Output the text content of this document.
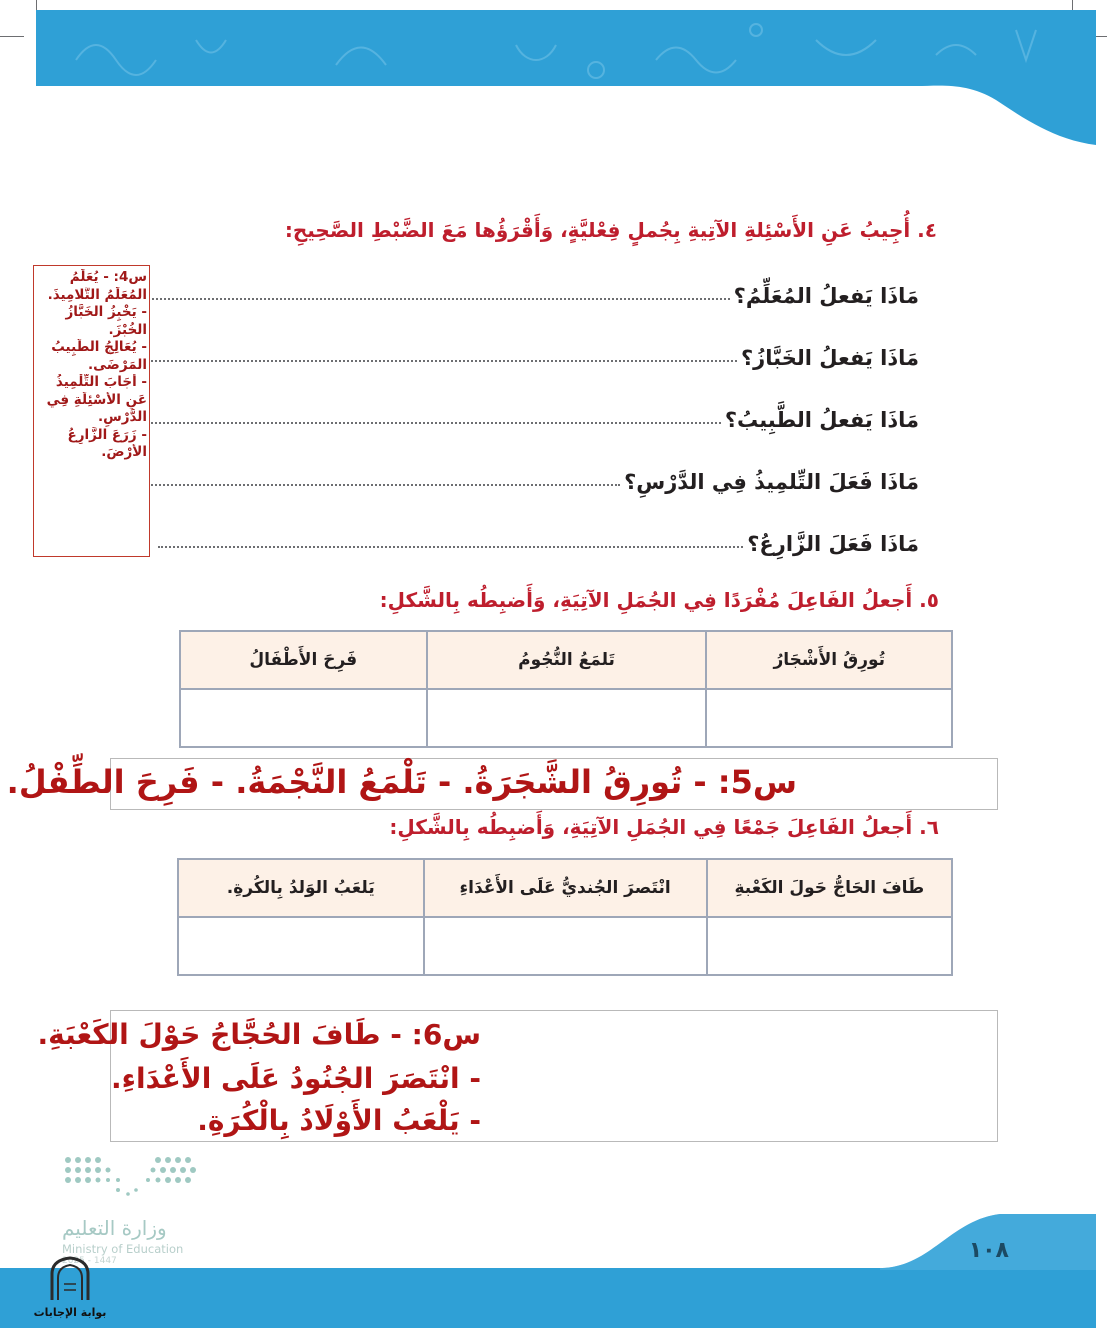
٤. أُجِيبُ عَنِ الأَسْئِلةِ الآتِيةِ بِجُملٍ فِعْليَّةٍ، وَأَقْرَؤُها مَعَ الضَّبْطِ الصَّحِيحِ:
مَاذَا يَفعلُ المُعَلِّمُ؟
مَاذَا يَفعلُ الخَبَّازُ؟
مَاذَا يَفعلُ الطَّبِيبُ؟
مَاذَا فَعَلَ التِّلمِيذُ فِي الدَّرْسِ؟
مَاذَا فَعَلَ الزَّارِعُ؟
س4: - يُعَلِّمُ
المُعَلِّمُ التَّلامِيذَ.
- يَخْبِزُ الخَبَّازُ
الخُبْزَ.
- يُعَالِجُ الطَّبِيبُ
المَرْضَى.
- أَجَابَ التِّلْمِيذُ
عَنِ الأَسْئِلَةِ فِي
الدَّرْسِ.
- زَرَعَ الزَّارِعُ
الأَرْضَ.
٥. أَجعلُ الفَاعِلَ مُفْرَدًا فِي الجُمَلِ الآتِيَةِ، وَأَضبِطُه بِالشَّكلِ:
تُورِقُ الأَشْجَارُ	تَلمَعُ النُّجُومُ	فَرِحَ الأَطْفَالُ

س5: - تُورِقُ الشَّجَرَةُ. - تَلْمَعُ النَّجْمَةُ. - فَرِحَ الطِّفْلُ.
٦. أَجعلُ الفَاعِلَ جَمْعًا فِي الجُمَلِ الآتِيَةِ، وَأَضبِطُه بِالشَّكلِ:
طَافَ الحَاجُّ حَولَ الكَعْبةِ	انْتَصرَ الجُنديُّ عَلَى الأَعْدَاءِ	يَلعَبُ الوَلدُ بِالكُرةِ.

س6: - طَافَ الحُجَّاجُ حَوْلَ الكَعْبَةِ.
- انْتَصَرَ الجُنُودُ عَلَى الأَعْدَاءِ.
- يَلْعَبُ الأَوْلَادُ بِالْكُرَةِ.
وزارة التعليم
Ministry of Education
2025 - 1447	١٠٨
بوابة الإجابات
